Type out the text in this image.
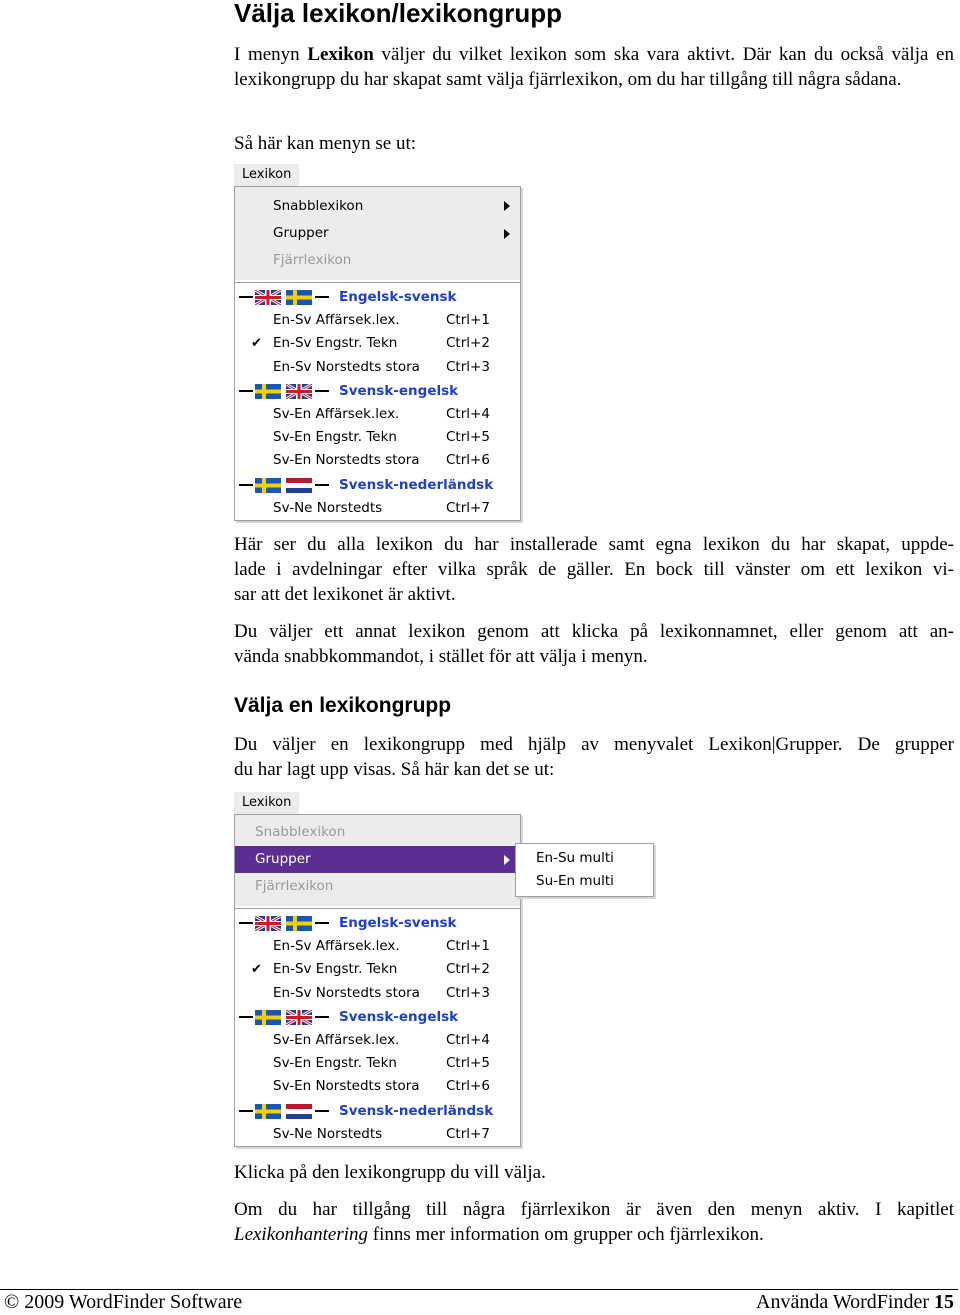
Välja lexikon/lexikongrupp
I menyn Lexikon väljer du vilket lexikon som ska vara aktivt. Där kan du också välja en lexikongrupp du har skapat samt välja fjärrlexikon, om du har tillgång till några sådana.
Så här kan menyn se ut:
Lexikon
Snabblexikon
Grupper
Fjärrlexikon
Engelsk-svensk
En-Sv Affärsek.lex.	Ctrl+1
✔ En-Sv Engstr. Tekn	Ctrl+2
En-Sv Norstedts stora Ctrl+3
Svensk-engelsk
Sv-En Affärsek.lex.	Ctrl+4
Sv-En Engstr. Tekn	Ctrl+5
Sv-En Norstedts stora Ctrl+6
Svensk-nederländsk
Sv-Ne Norstedts	Ctrl+7
Här ser du alla lexikon du har installerade samt egna lexikon du har skapat, uppde-
lade i avdelningar efter vilka språk de gäller. En bock till vänster om ett lexikon vi-
sar att det lexikonet är aktivt.
Du väljer ett annat lexikon genom att klicka på lexikonnamnet, eller genom att an-
vända snabbkommandot, i stället för att välja i menyn.
Välja en lexikongrupp
Du väljer en lexikongrupp med hjälp av menyvalet Lexikon|Grupper. De grupper
du har lagt upp visas. Så här kan det se ut:
Lexikon
Snabblexikon
Grupper
Fjärrlexikon
Engelsk-svensk
En-Sv Affärsek.lex.	Ctrl+1
✔ En-Sv Engstr. Tekn	Ctrl+2
En-Sv Norstedts stora Ctrl+3
Svensk-engelsk
Sv-En Affärsek.lex.	Ctrl+4
Sv-En Engstr. Tekn	Ctrl+5
Sv-En Norstedts stora Ctrl+6
Svensk-nederländsk
Sv-Ne Norstedts	Ctrl+7
En-Su multi
Su-En multi
Klicka på den lexikongrupp du vill välja.
Om du har tillgång till några fjärrlexikon är även den menyn aktiv. I kapitlet
Lexikonhantering finns mer information om grupper och fjärrlexikon.
© 2009 WordFinder Software	Använda WordFinder 15
